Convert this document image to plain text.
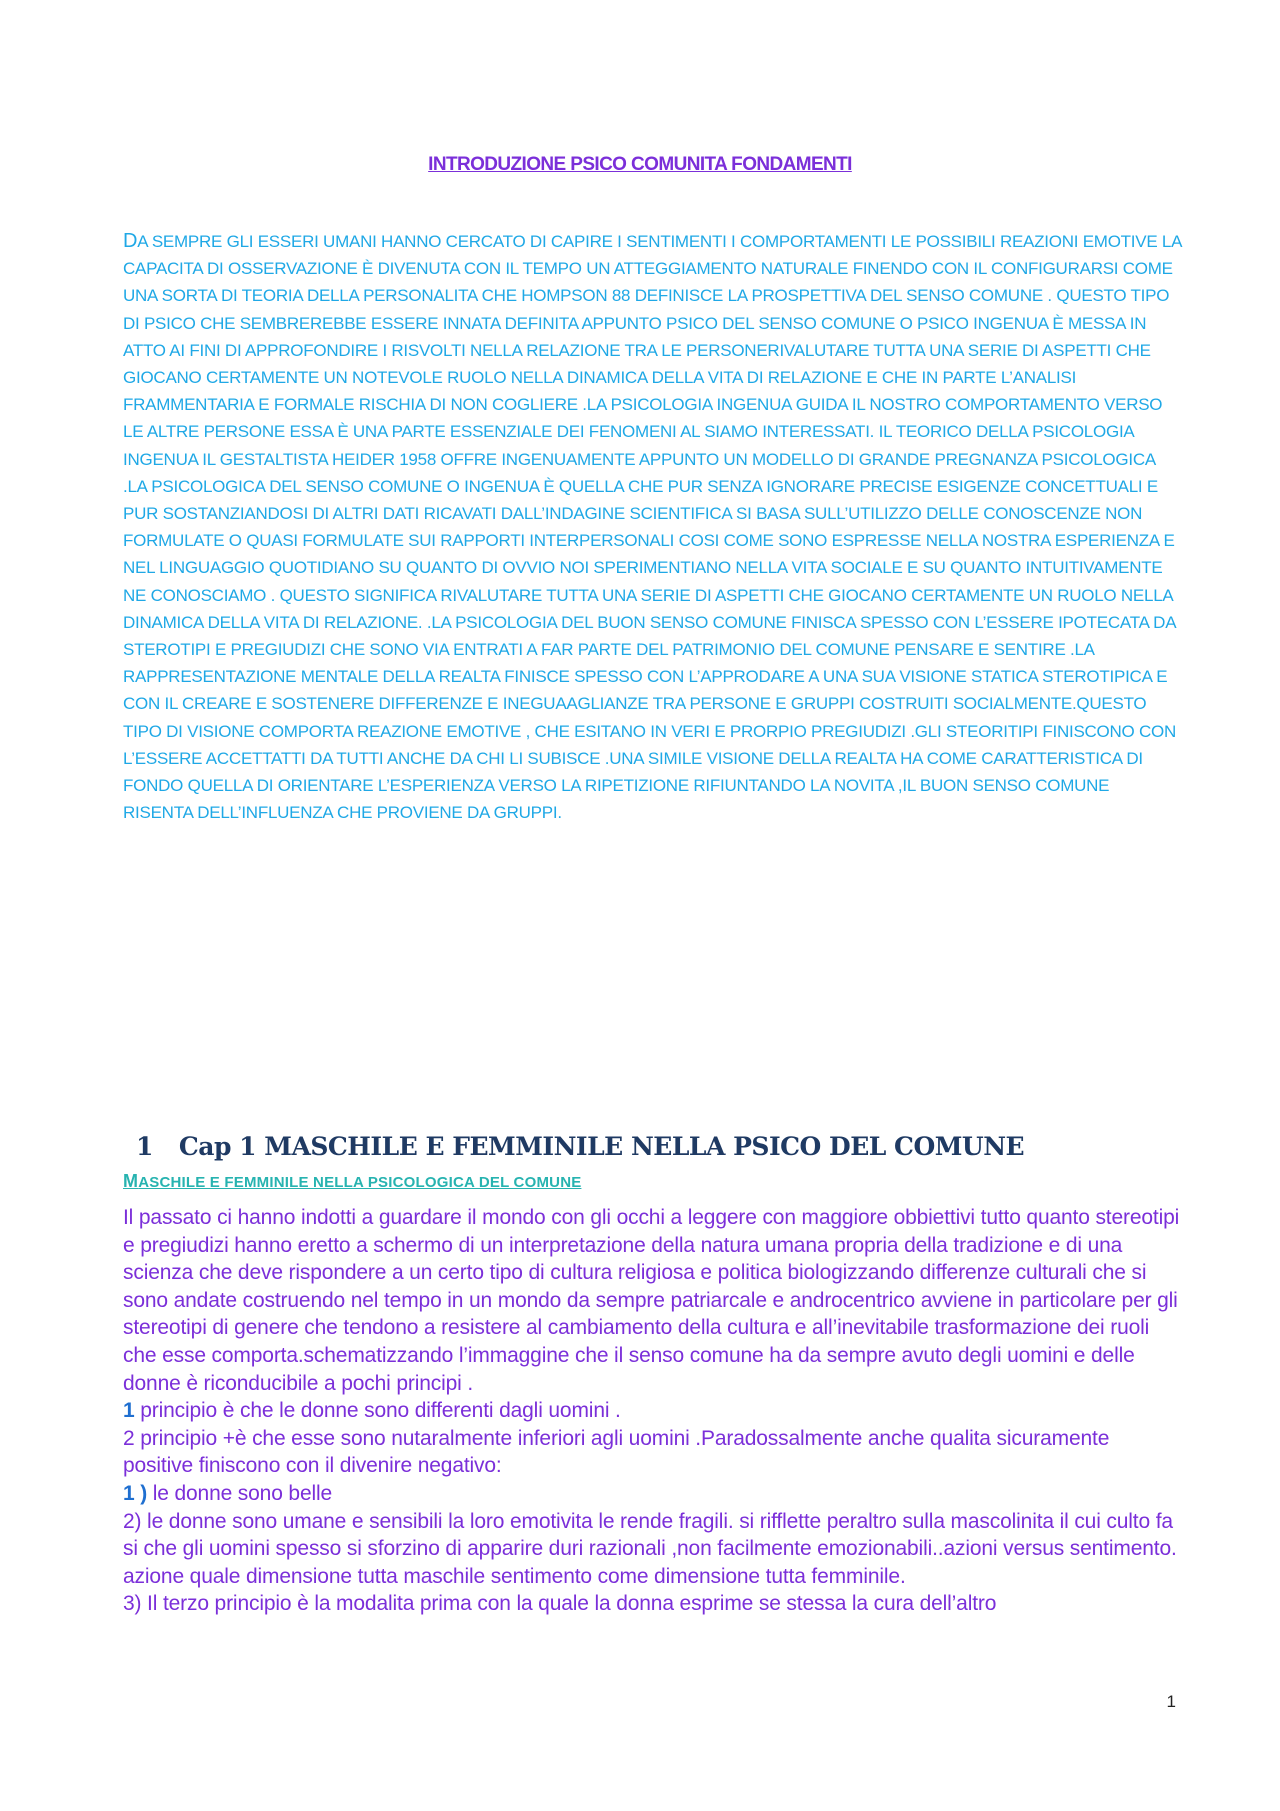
INTRODUZIONE PSICO COMUNITA FONDAMENTI

DA SEMPRE GLI ESSERI UMANI HANNO CERCATO DI CAPIRE I SENTIMENTI I COMPORTAMENTI LE POSSIBILI REAZIONI EMOTIVE LA CAPACITA DI OSSERVAZIONE È DIVENUTA CON IL TEMPO UN ATTEGGIAMENTO NATURALE FINENDO CON IL CONFIGURARSI COME UNA SORTA DI TEORIA DELLA PERSONALITA CHE HOMPSON 88 DEFINISCE LA PROSPETTIVA DEL SENSO COMUNE . QUESTO TIPO DI PSICO CHE SEMBREREBBE ESSERE INNATA DEFINITA APPUNTO PSICO DEL SENSO COMUNE O PSICO INGENUA È MESSA IN ATTO AI FINI DI APPROFONDIRE I RISVOLTI NELLA RELAZIONE TRA LE PERSONERIVALUTARE TUTTA UNA SERIE DI ASPETTI CHE GIOCANO CERTAMENTE UN NOTEVOLE RUOLO NELLA DINAMICA DELLA VITA DI RELAZIONE E CHE IN PARTE L’ANALISI FRAMMENTARIA E FORMALE RISCHIA DI NON COGLIERE .LA PSICOLOGIA INGENUA GUIDA IL NOSTRO COMPORTAMENTO VERSO LE ALTRE PERSONE ESSA È UNA PARTE ESSENZIALE DEI FENOMENI AL SIAMO INTERESSATI. IL TEORICO DELLA PSICOLOGIA INGENUA IL GESTALTISTA HEIDER 1958 OFFRE INGENUAMENTE APPUNTO UN MODELLO DI GRANDE PREGNANZA PSICOLOGICA .LA PSICOLOGICA DEL SENSO COMUNE O INGENUA È QUELLA CHE PUR SENZA IGNORARE PRECISE ESIGENZE CONCETTUALI E PUR SOSTANZIANDOSI DI ALTRI DATI RICAVATI DALL’INDAGINE SCIENTIFICA SI BASA SULL’UTILIZZO DELLE CONOSCENZE NON FORMULATE O QUASI FORMULATE SUI RAPPORTI INTERPERSONALI COSI COME SONO ESPRESSE NELLA NOSTRA ESPERIENZA E NEL LINGUAGGIO QUOTIDIANO SU QUANTO DI OVVIO NOI SPERIMENTIANO NELLA VITA SOCIALE E SU QUANTO INTUITIVAMENTE NE CONOSCIAMO . QUESTO SIGNIFICA RIVALUTARE TUTTA UNA SERIE DI ASPETTI CHE GIOCANO CERTAMENTE UN RUOLO NELLA DINAMICA DELLA VITA DI RELAZIONE. .LA PSICOLOGIA DEL BUON SENSO COMUNE FINISCA SPESSO CON L’ESSERE IPOTECATA DA STEROTIPI E PREGIUDIZI CHE SONO VIA ENTRATI A FAR PARTE DEL PATRIMONIO DEL COMUNE PENSARE E SENTIRE .LA RAPPRESENTAZIONE MENTALE DELLA REALTA FINISCE SPESSO CON L’APPRODARE A UNA SUA VISIONE STATICA STEROTIPICA E CON IL CREARE E SOSTENERE DIFFERENZE E INEGUAAGLIANZE TRA PERSONE E GRUPPI COSTRUITI SOCIALMENTE.QUESTO TIPO DI VISIONE COMPORTA REAZIONE EMOTIVE , CHE ESITANO IN VERI E PRORPIO PREGIUDIZI .GLI STEORITIPI FINISCONO CON L’ESSERE ACCETTATTI DA TUTTI ANCHE DA CHI LI SUBISCE .UNA SIMILE VISIONE DELLA REALTA HA COME CARATTERISTICA DI FONDO QUELLA DI ORIENTARE L’ESPERIENZA VERSO LA RIPETIZIONE RIFIUNTANDO LA NOVITA ,IL BUON SENSO COMUNE RISENTA DELL’INFLUENZA CHE PROVIENE DA GRUPPI.

1 Cap 1 MASCHILE E FEMMINILE NELLA PSICO DEL COMUNE
MASCHILE E FEMMINILE NELLA PSICOLOGICA DEL COMUNE

Il passato ci hanno indotti a guardare il mondo con gli occhi a leggere con maggiore obbiettivi tutto quanto stereotipi e pregiudizi hanno eretto a schermo di un interpretazione della natura umana propria della tradizione e di una scienza che deve rispondere a un certo tipo di cultura religiosa e politica biologizzando differenze culturali che si sono andate costruendo nel tempo in un mondo da sempre patriarcale e androcentrico avviene in particolare per gli stereotipi di genere che tendono a resistere al cambiamento della cultura e all’inevitabile trasformazione dei ruoli che esse comporta.schematizzando l’immaggine che il senso comune ha da sempre avuto degli uomini e delle donne è riconducibile a pochi principi .

1 principio è che le donne sono differenti dagli uomini .

2 principio +è che esse sono nutaralmente inferiori agli uomini .Paradossalmente anche qualita sicuramente positive finiscono con il divenire negativo:

1 ) le donne sono belle

2) le donne sono umane e sensibili la loro emotivita le rende fragili. si rifflette peraltro sulla mascolinita il cui culto fa si che gli uomini spesso si sforzino di apparire duri razionali ,non facilmente emozionabili..azioni versus sentimento. azione quale dimensione tutta maschile sentimento come dimensione tutta femminile.

3) Il terzo principio è la modalita prima con la quale la donna esprime se stessa la cura dell’altro

1
